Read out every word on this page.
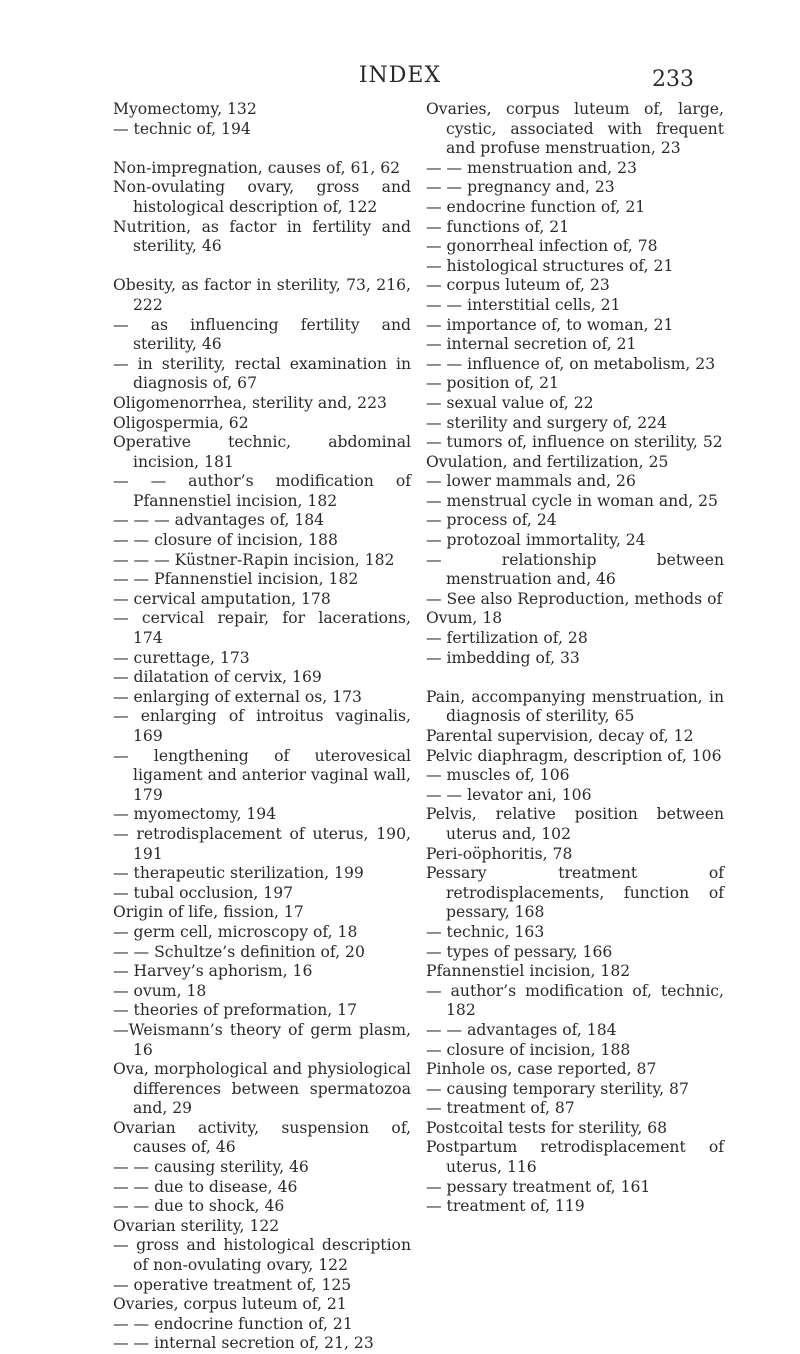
INDEX	233
Myomectomy, 132
— technic of, 194
Non-impregnation, causes of, 61, 62
Non-ovulating ovary, gross and histological description of, 122
Nutrition, as factor in fertility and sterility, 46
Obesity, as factor in sterility, 73, 216, 222
— as influencing fertility and sterility, 46
— in sterility, rectal examination in diagnosis of, 67
Oligomenorrhea, sterility and, 223
Oligospermia, 62
Operative technic, abdominal incision, 181
— — author’s modification of Pfannenstiel incision, 182
— — — advantages of, 184
— — closure of incision, 188
— — — Küstner-Rapin incision, 182
— — Pfannenstiel incision, 182
— cervical amputation, 178
— cervical repair, for lacerations, 174
— curettage, 173
— dilatation of cervix, 169
— enlarging of external os, 173
— enlarging of introitus vaginalis, 169
— lengthening of uterovesical ligament and anterior vaginal wall, 179
— myomectomy, 194
— retrodisplacement of uterus, 190, 191
— therapeutic sterilization, 199
— tubal occlusion, 197
Origin of life, fission, 17
— germ cell, microscopy of, 18
— — Schultze’s definition of, 20
— Harvey’s aphorism, 16
— ovum, 18
— theories of preformation, 17
—Weismann’s theory of germ plasm, 16
Ova, morphological and physiological differences between spermatozoa and, 29
Ovarian activity, suspension of, causes of, 46
— — causing sterility, 46
— — due to disease, 46
— — due to shock, 46
Ovarian sterility, 122
— gross and histological description of non-ovulating ovary, 122
— operative treatment of, 125
Ovaries, corpus luteum of, 21
— — endocrine function of, 21
— — internal secretion of, 21, 23
Ovaries, corpus luteum of, large, cystic, associated with frequent and profuse menstruation, 23
— — menstruation and, 23
— — pregnancy and, 23
— endocrine function of, 21
— functions of, 21
— gonorrheal infection of, 78
— histological structures of, 21
— corpus luteum of, 23
— — interstitial cells, 21
— importance of, to woman, 21
— internal secretion of, 21
— — influence of, on metabolism, 23
— position of, 21
— sexual value of, 22
— sterility and surgery of, 224
— tumors of, influence on sterility, 52
Ovulation, and fertilization, 25
— lower mammals and, 26
— menstrual cycle in woman and, 25
— process of, 24
— protozoal immortality, 24
— relationship between menstruation and, 46
— See also Reproduction, methods of
Ovum, 18
— fertilization of, 28
— imbedding of, 33
Pain, accompanying menstruation, in diagnosis of sterility, 65
Parental supervision, decay of, 12
Pelvic diaphragm, description of, 106
— muscles of, 106
— — levator ani, 106
Pelvis, relative position between uterus and, 102
Peri-oöphoritis, 78
Pessary treatment of retrodisplacements, function of pessary, 168
— technic, 163
— types of pessary, 166
Pfannenstiel incision, 182
— author’s modification of, technic, 182
— — advantages of, 184
— closure of incision, 188
Pinhole os, case reported, 87
— causing temporary sterility, 87
— treatment of, 87
Postcoital tests for sterility, 68
Postpartum retrodisplacement of uterus, 116
— pessary treatment of, 161
— treatment of, 119
